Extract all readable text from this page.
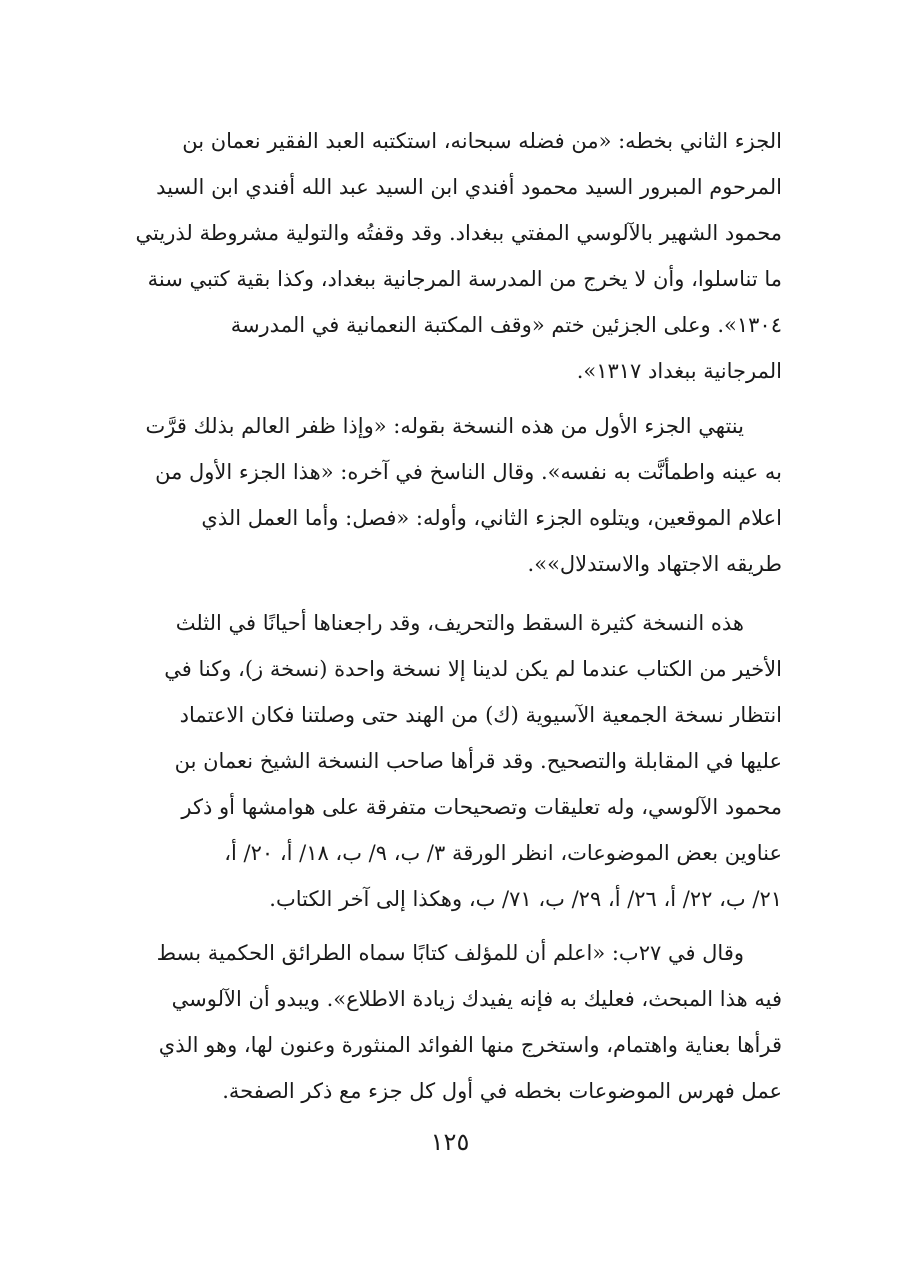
الجزء الثاني بخطه: «من فضله سبحانه، استكتبه العبد الفقير نعمان بن
المرحوم المبرور السيد محمود أفندي ابن السيد عبد الله أفندي ابن السيد
محمود الشهير بالآلوسي المفتي ببغداد. وقد وقفتُه والتولية مشروطة لذريتي
ما تناسلوا، وأن لا يخرج من المدرسة المرجانية ببغداد، وكذا بقية كتبي سنة
١٣٠٤». وعلى الجزئين ختم «وقف المكتبة النعمانية في المدرسة
المرجانية ببغداد ١٣١٧».
ينتهي الجزء الأول من هذه النسخة بقوله: «وإذا ظفر العالم بذلك قرَّت
به عينه واطمأنَّت به نفسه». وقال الناسخ في آخره: «هذا الجزء الأول من
اعلام الموقعين، ويتلوه الجزء الثاني، وأوله: «فصل: وأما العمل الذي
طريقه الاجتهاد والاستدلال»».
هذه النسخة كثيرة السقط والتحريف، وقد راجعناها أحيانًا في الثلث
الأخير من الكتاب عندما لم يكن لدينا إلا نسخة واحدة (نسخة ز)، وكنا في
انتظار نسخة الجمعية الآسيوية (ك) من الهند حتى وصلتنا فكان الاعتماد
عليها في المقابلة والتصحيح. وقد قرأها صاحب النسخة الشيخ نعمان بن
محمود الآلوسي، وله تعليقات وتصحيحات متفرقة على هوامشها أو ذكر
عناوين بعض الموضوعات، انظر الورقة ٣/ ب، ٩/ ب، ١٨/ أ، ٢٠/ أ،
٢١/ ب، ٢٢/ أ، ٢٦/ أ، ٢٩/ ب، ٧١/ ب، وهكذا إلى آخر الكتاب.
وقال في ٢٧ب: «اعلم أن للمؤلف كتابًا سماه الطرائق الحكمية بسط
فيه هذا المبحث، فعليك به فإنه يفيدك زيادة الاطلاع». ويبدو أن الآلوسي
قرأها بعناية واهتمام، واستخرج منها الفوائد المنثورة وعنون لها، وهو الذي
عمل فهرس الموضوعات بخطه في أول كل جزء مع ذكر الصفحة.
١٢٥
